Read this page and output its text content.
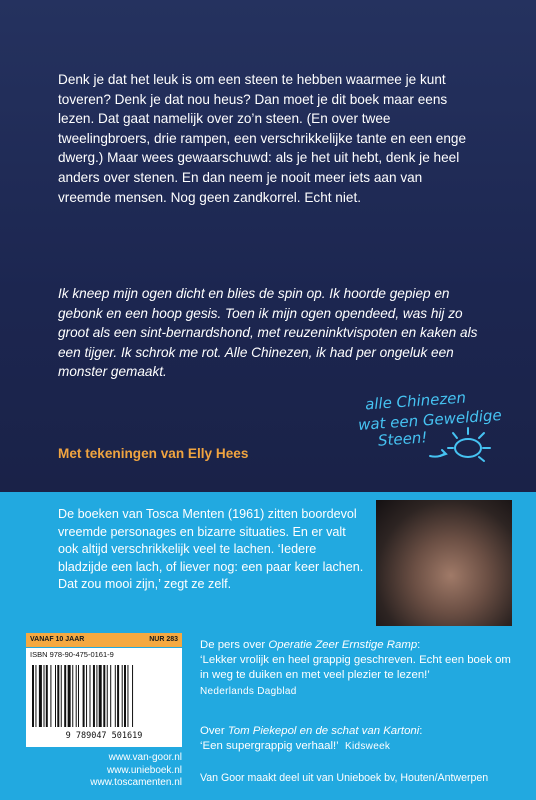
Denk je dat het leuk is om een steen te hebben waarmee je kunt toveren? Denk je dat nou heus? Dan moet je dit boek maar eens lezen. Dat gaat namelijk over zo’n steen. (En over twee tweelingbroers, drie rampen, een verschrikkelijke tante en een enge dwerg.) Maar wees gewaarschuwd: als je het uit hebt, denk je heel anders over stenen. En dan neem je nooit meer iets aan van vreemde mensen. Nog geen zandkorrel. Echt niet.

Ik kneep mijn ogen dicht en blies de spin op. Ik hoorde gepiep en gebonk en een hoop gesis. Toen ik mijn ogen opendeed, was hij zo groot als een sint-bernardshond, met reuzeninktvispoten en kaken als een tijger. Ik schrok me rot. Alle Chinezen, ik had per ongeluk een monster gemaakt.

Met tekeningen van Elly Hees

alle Chinezen
wat een Geweldige
Steen!

De boeken van Tosca Menten (1961) zitten boordevol vreemde personages en bizarre situaties. En er valt ook altijd verschrikkelijk veel te lachen. ‘Iedere bladzijde een lach, of liever nog: een paar keer lachen. Dat zou mooi zijn,’ zegt ze zelf.

VANAF 10 JAAR	NUR 283
ISBN 978-90-475-0161-9
9 789047 501619

www.van-goor.nl
www.unieboek.nl
www.toscamenten.nl

De pers over Operatie Zeer Ernstige Ramp:
‘Lekker vrolijk en heel grappig geschreven. Echt een boek om in weg te duiken en met veel plezier te lezen!’
Nederlands Dagblad

Over Tom Piekepol en de schat van Kartoni:
‘Een supergrappig verhaal!’ Kidsweek

Van Goor maakt deel uit van Unieboek bv, Houten/Antwerpen
